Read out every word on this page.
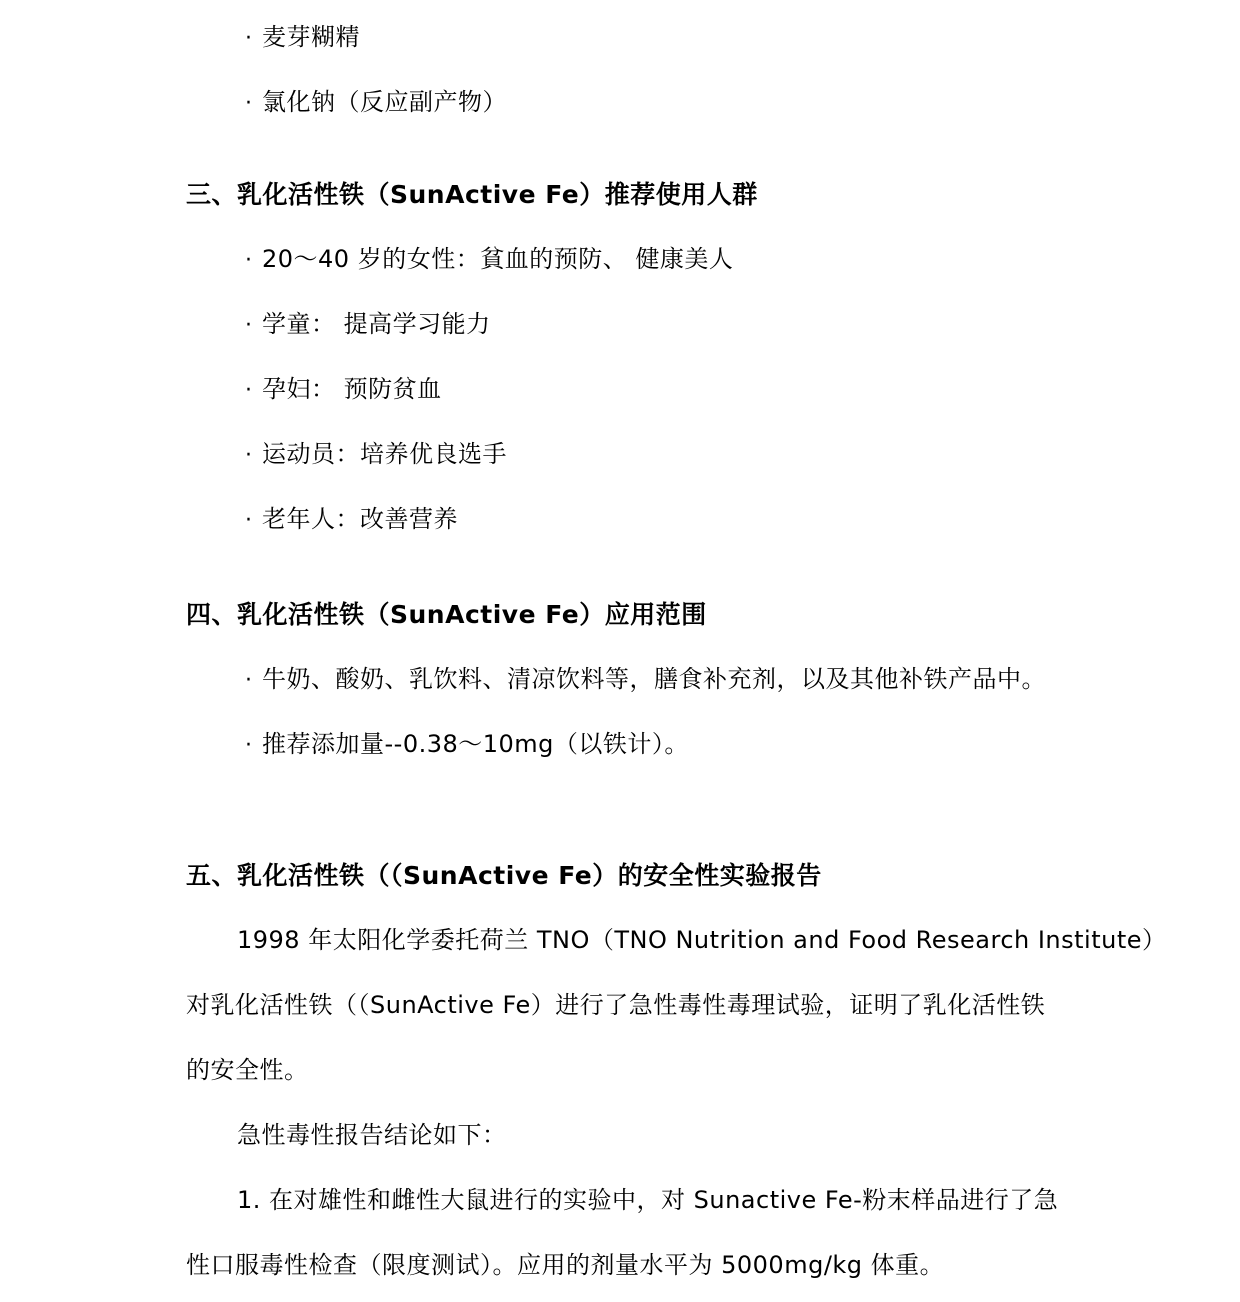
· 麦芽糊精

· 氯化钠（反应副产物）

三、乳化活性铁（SunActive Fe）推荐使用人群

· 20～40 岁的女性：貧血的预防、 健康美人

· 学童： 提高学习能力

· 孕妇： 预防贫血

· 运动员：培养优良选手

· 老年人：改善营养

四、乳化活性铁（SunActive Fe）应用范围

· 牛奶、酸奶、乳饮料、清凉饮料等，膳食补充剂，以及其他补铁产品中。

· 推荐添加量--0.38～10mg（以铁计）。

五、乳化活性铁（（SunActive Fe）的安全性实验报告

1998 年太阳化学委托荷兰 TNO（TNO Nutrition and Food Research Institute）

对乳化活性铁（（SunActive Fe）进行了急性毒性毒理试验，证明了乳化活性铁

的安全性。

急性毒性报告结论如下：

1. 在对雄性和雌性大鼠进行的实验中，对 Sunactive Fe-粉末样品进行了急

性口服毒性检查（限度测试）。应用的剂量水平为 5000mg/kg 体重。
